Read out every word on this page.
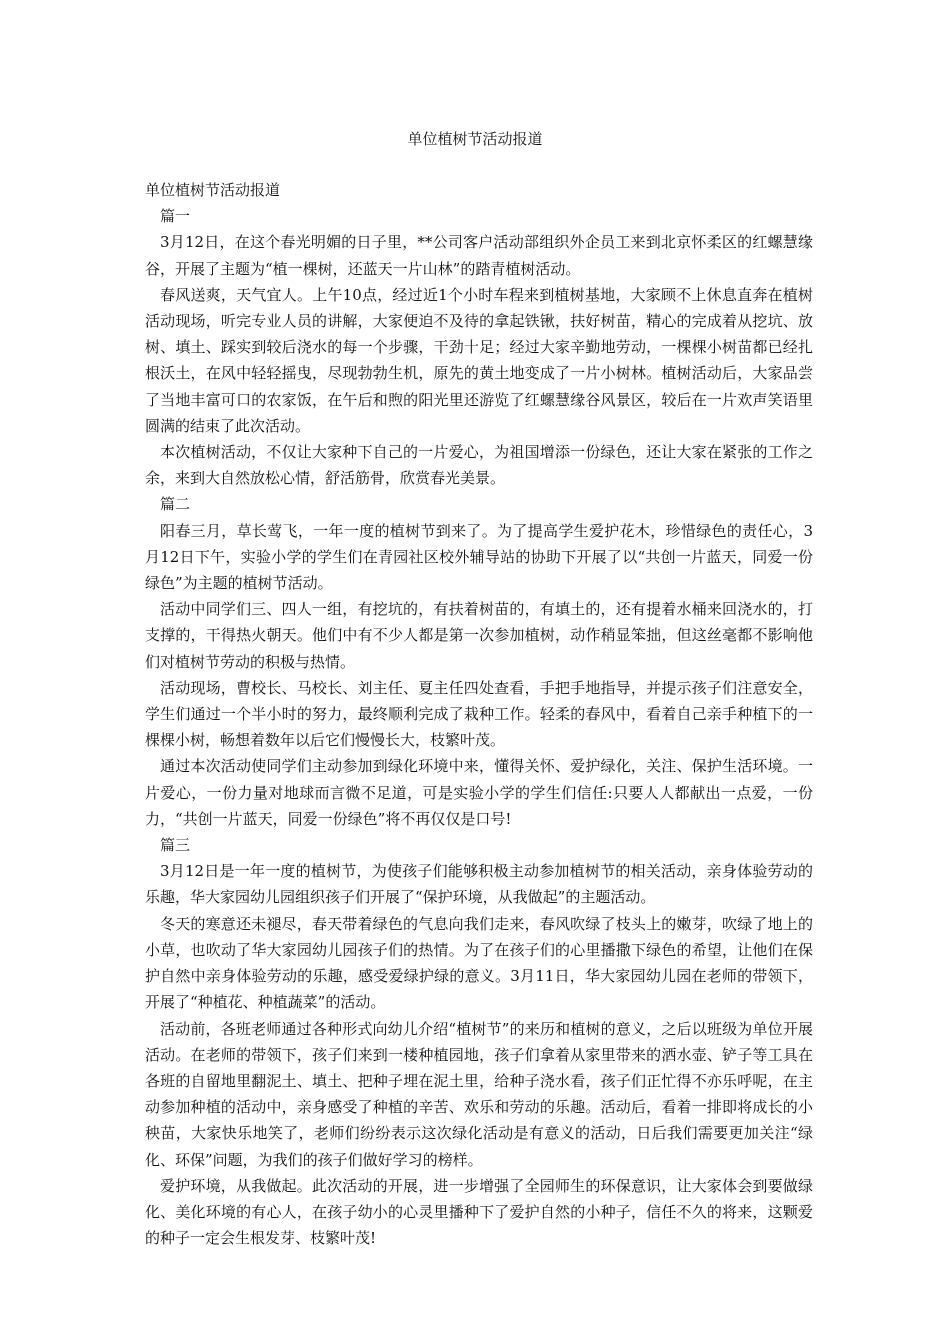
单位植树节活动报道

单位植树节活动报道

篇一

3月12日，在这个春光明媚的日子里，**公司客户活动部组织外企员工来到北京怀柔区的红螺慧缘谷，开展了主题为“植一棵树，还蓝天一片山林”的踏青植树活动。

春风送爽，天气宜人。上午10点，经过近1个小时车程来到植树基地，大家顾不上休息直奔在植树活动现场，听完专业人员的讲解，大家便迫不及待的拿起铁锹，扶好树苗，精心的完成着从挖坑、放树、填土、踩实到较后浇水的每一个步骤，干劲十足；经过大家辛勤地劳动，一棵棵小树苗都已经扎根沃土，在风中轻轻摇曳，尽现勃勃生机，原先的黄土地变成了一片小树林。植树活动后，大家品尝了当地丰富可口的农家饭，在午后和煦的阳光里还游览了红螺慧缘谷风景区，较后在一片欢声笑语里圆满的结束了此次活动。

本次植树活动，不仅让大家种下自己的一片爱心，为祖国增添一份绿色，还让大家在紧张的工作之余，来到大自然放松心情，舒活筋骨，欣赏春光美景。

篇二

阳春三月，草长莺飞，一年一度的植树节到来了。为了提高学生爱护花木，珍惜绿色的责任心，3月12日下午，实验小学的学生们在青园社区校外辅导站的协助下开展了以“共创一片蓝天，同爱一份绿色”为主题的植树节活动。

活动中同学们三、四人一组，有挖坑的，有扶着树苗的，有填土的，还有提着水桶来回浇水的，打支撑的，干得热火朝天。他们中有不少人都是第一次参加植树，动作稍显笨拙，但这丝毫都不影响他们对植树节劳动的积极与热情。

活动现场，曹校长、马校长、刘主任、夏主任四处查看，手把手地指导，并提示孩子们注意安全，学生们通过一个半小时的努力，最终顺利完成了栽种工作。轻柔的春风中，看着自己亲手种植下的一棵棵小树，畅想着数年以后它们慢慢长大，枝繁叶茂。

通过本次活动使同学们主动参加到绿化环境中来，懂得关怀、爱护绿化，关注、保护生活环境。一片爱心，一份力量对地球而言微不足道，可是实验小学的学生们信任:只要人人都献出一点爱，一份力，“共创一片蓝天，同爱一份绿色”将不再仅仅是口号!

篇三

3月12日是一年一度的植树节，为使孩子们能够积极主动参加植树节的相关活动，亲身体验劳动的乐趣，华大家园幼儿园组织孩子们开展了“保护环境，从我做起”的主题活动。

冬天的寒意还未褪尽，春天带着绿色的气息向我们走来，春风吹绿了枝头上的嫩芽，吹绿了地上的小草，也吹动了华大家园幼儿园孩子们的热情。为了在孩子们的心里播撒下绿色的希望，让他们在保护自然中亲身体验劳动的乐趣，感受爱绿护绿的意义。3月11日，华大家园幼儿园在老师的带领下，开展了“种植花、种植蔬菜”的活动。

活动前，各班老师通过各种形式向幼儿介绍“植树节”的来历和植树的意义，之后以班级为单位开展活动。在老师的带领下，孩子们来到一楼种植园地，孩子们拿着从家里带来的洒水壶、铲子等工具在各班的自留地里翻泥土、填土、把种子埋在泥土里，给种子浇水看，孩子们正忙得不亦乐呼呢，在主动参加种植的活动中，亲身感受了种植的辛苦、欢乐和劳动的乐趣。活动后，看着一排即将成长的小秧苗，大家快乐地笑了，老师们纷纷表示这次绿化活动是有意义的活动，日后我们需要更加关注“绿化、环保”问题，为我们的孩子们做好学习的榜样。

爱护环境，从我做起。此次活动的开展，进一步增强了全园师生的环保意识，让大家体会到要做绿化、美化环境的有心人，在孩子幼小的心灵里播种下了爱护自然的小种子，信任不久的将来，这颗爱的种子一定会生根发芽、枝繁叶茂!
